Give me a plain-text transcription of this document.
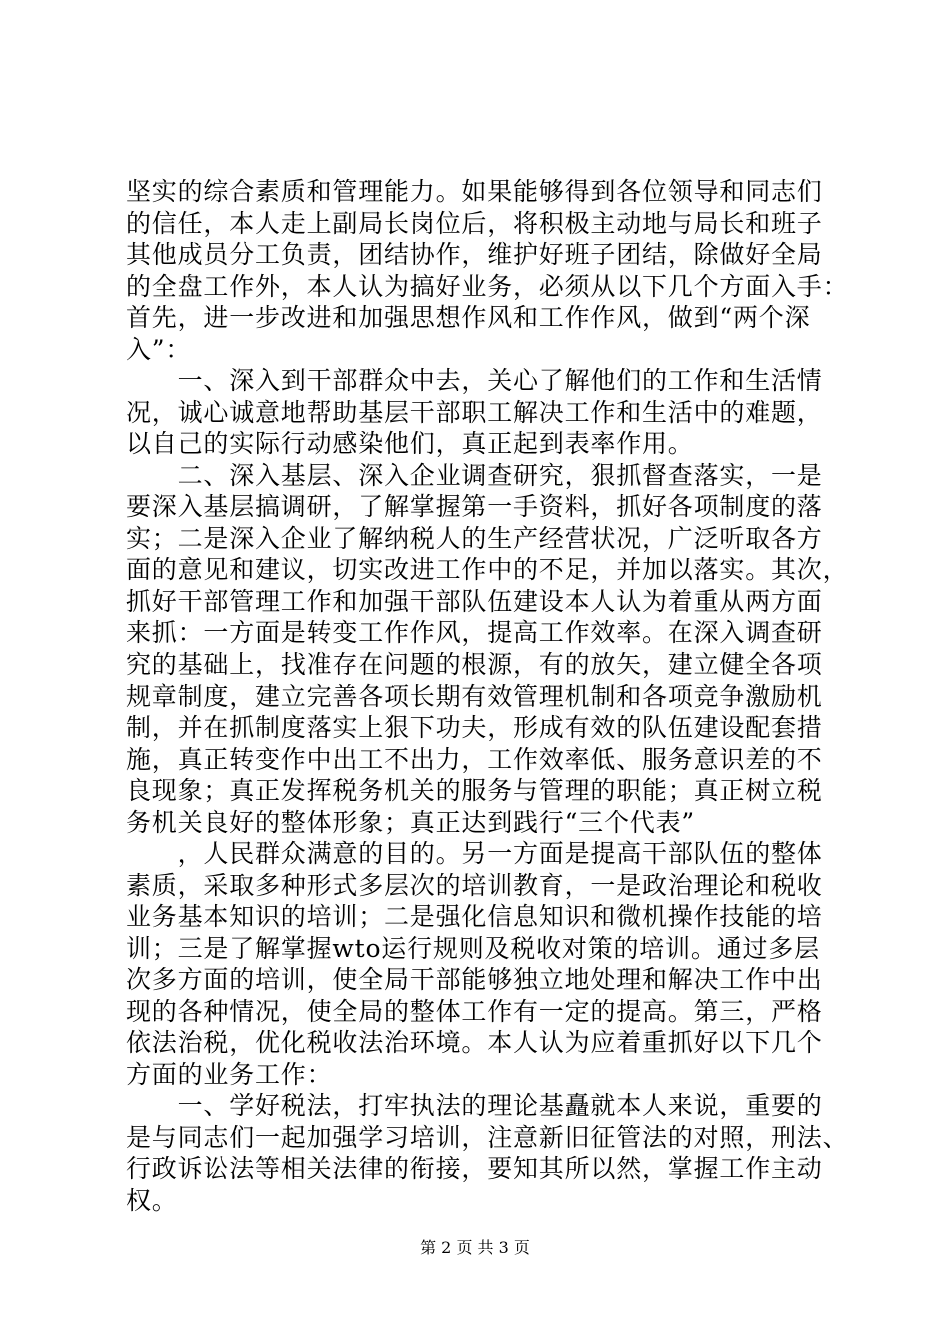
坚实的综合素质和管理能力。如果能够得到各位领导和同志们
的信任，本人走上副局长岗位后，将积极主动地与局长和班子
其他成员分工负责，团结协作，维护好班子团结，除做好全局
的全盘工作外，本人认为搞好业务，必须从以下几个方面入手：
首先，进一步改进和加强思想作风和工作作风，做到“两个深
入”：
　　一、深入到干部群众中去，关心了解他们的工作和生活情
况，诚心诚意地帮助基层干部职工解决工作和生活中的难题，
以自己的实际行动感染他们，真正起到表率作用。
　　二、深入基层、深入企业调查研究，狠抓督查落实，一是
要深入基层搞调研，了解掌握第一手资料，抓好各项制度的落
实；二是深入企业了解纳税人的生产经营状况，广泛听取各方
面的意见和建议，切实改进工作中的不足，并加以落实。其次，
抓好干部管理工作和加强干部队伍建设本人认为着重从两方面
来抓：一方面是转变工作作风，提高工作效率。在深入调查研
究的基础上，找准存在问题的根源，有的放矢，建立健全各项
规章制度，建立完善各项长期有效管理机制和各项竞争激励机
制，并在抓制度落实上狠下功夫，形成有效的队伍建设配套措
施，真正转变作中出工不出力，工作效率低、服务意识差的不
良现象；真正发挥税务机关的服务与管理的职能；真正树立税
务机关良好的整体形象；真正达到践行“三个代表”
　　，人民群众满意的目的。另一方面是提高干部队伍的整体
素质，采取多种形式多层次的培训教育，一是政治理论和税收
业务基本知识的培训；二是强化信息知识和微机操作技能的培
训；三是了解掌握wto运行规则及税收对策的培训。通过多层
次多方面的培训，使全局干部能够独立地处理和解决工作中出
现的各种情况，使全局的整体工作有一定的提高。第三，严格
依法治税，优化税收法治环境。本人认为应着重抓好以下几个
方面的业务工作：
　　一、学好税法，打牢执法的理论基矗就本人来说，重要的
是与同志们一起加强学习培训，注意新旧征管法的对照，刑法、
行政诉讼法等相关法律的衔接，要知其所以然，掌握工作主动
权。
第 2 页 共 3 页
